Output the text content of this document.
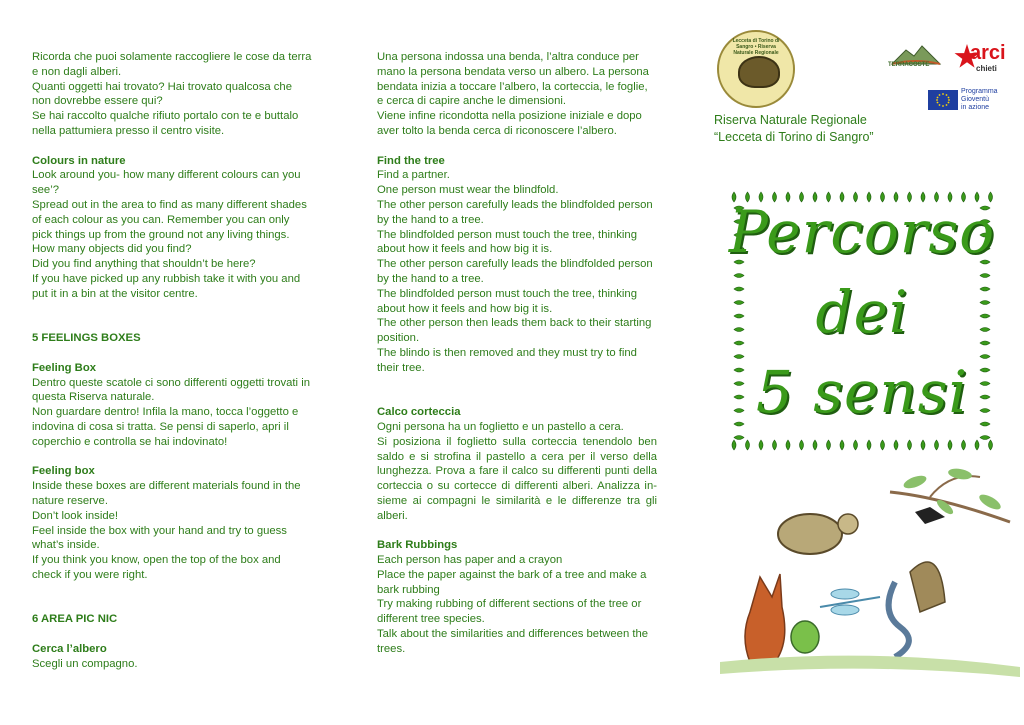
Ricorda che puoi solamente raccogliere le cose da terra e non dagli alberi.

Quanti oggetti hai trovato? Hai trovato qualcosa che non dovrebbe essere qui?

Se hai raccolto qualche rifiuto portalo con te e buttalo nella pattumiera presso il centro visite.

Colours in nature

Look around you- how many different colours can you see’?

Spread out in the area to find as many different shades of each colour as you can. Remember you can only pick things up from the ground not any living things.

How many objects did you find?

Did you find anything that shouldn’t be here?

If you have picked up any rubbish take it with you and put it in a bin at the visitor centre.

5 FEELINGS BOXES

Feeling Box

Dentro queste scatole ci sono differenti oggetti trovati in questa Riserva naturale.

Non guardare dentro! Infila la mano, tocca l’oggetto e indovina di cosa si tratta. Se pensi di saperlo, apri il coperchio e controlla se hai indovinato!

Feeling box

Inside these boxes are different materials found in the nature reserve.

Don’t look inside!

Feel inside the box with your hand and try to guess what’s inside.

If you think you know, open the top of the box and check if you were right.

6 AREA PIC NIC

Cerca l’albero

Scegli un compagno.

Una persona indossa una benda, l’altra conduce per mano la persona bendata verso un albero. La persona bendata inizia a toccare l’albero, la corteccia, le foglie, e cerca di capire anche le dimensioni.

Viene infine ricondotta nella posizione iniziale e dopo aver tolto la benda cerca di riconoscere l’albero.

Find the tree

Find a partner.

One person must wear the blindfold.

The other person carefully leads the blindfolded person by the hand to a tree.

The blindfolded person must touch the tree, thinking about how it feels and how big it is.

The other person carefully leads the blindfolded person by the hand to a tree.

The blindfolded person must touch the tree, thinking about how it feels and how big it is.

The other person then leads them back to their starting position.

The blindo is then removed and they must try to find their tree.

Calco corteccia

Ogni persona ha un foglietto e un pastello a cera.

Si posiziona il foglietto sulla corteccia tenendolo ben saldo e si strofina il pastello a cera per il verso della lunghezza. Prova a fare il calco su differenti punti della corteccia o su cortecce di differenti alberi. Analizza in-sieme ai compagni le similarità e le differenze tra gli alberi.

Bark Rubbings

Each person has paper and a crayon

Place the paper against the bark of a tree and make a bark rubbing

Try making rubbing of different sections of the tree or different tree species.

Talk about the similarities and differences between the trees.

Lecceta di Torino di Sangro • Riserva Naturale Regionale
TERRACOSTE
arci
chieti
Programma
Gioventù
in azione
Riserva Naturale Regionale
“Lecceta di Torino di Sangro”
Percorso
dei
5 sensi
